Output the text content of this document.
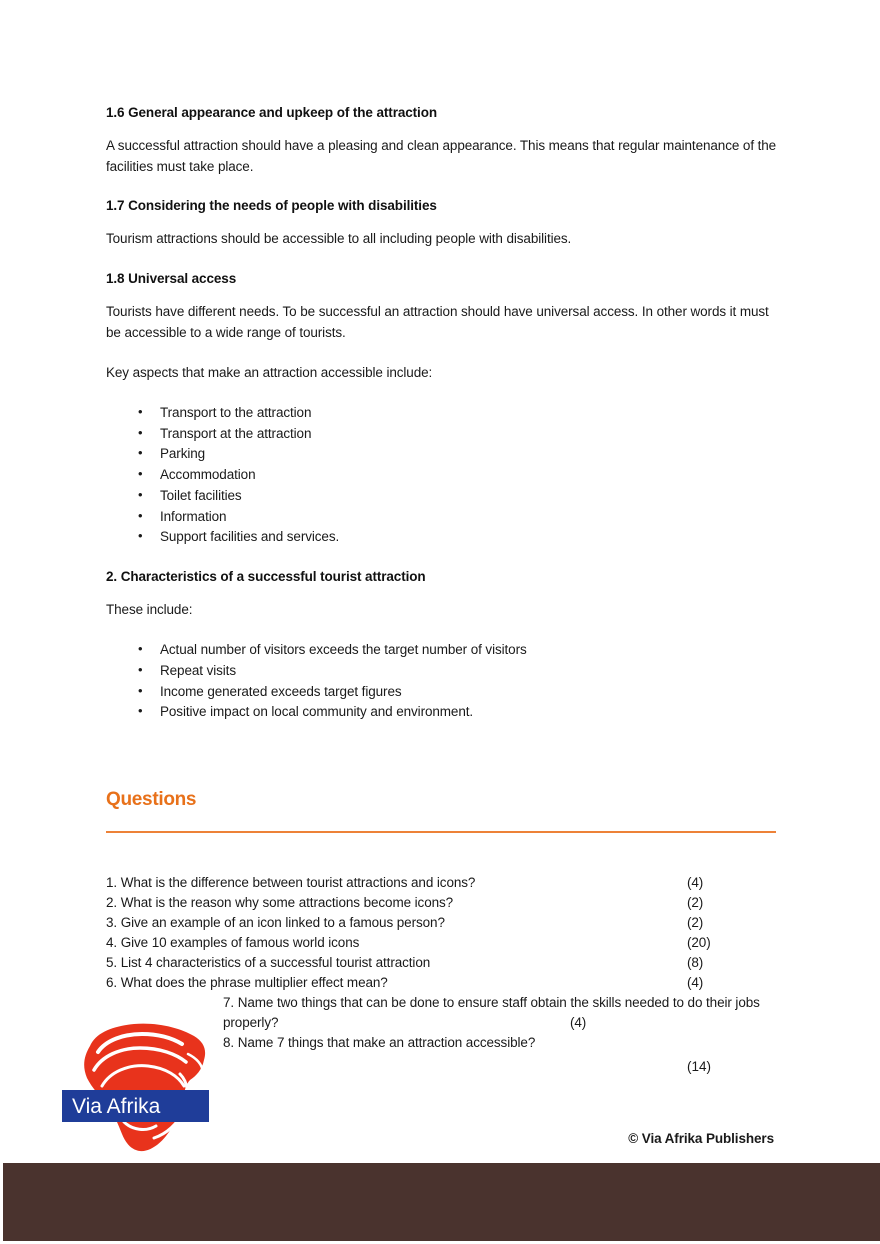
1.6 General appearance and upkeep of the attraction

A successful attraction should have a pleasing and clean appearance. This means that regular maintenance of the facilities must take place.

1.7 Considering the needs of people with disabilities

Tourism attractions should be accessible to all including people with disabilities.

1.8 Universal access

Tourists have different needs. To be successful an attraction should have universal access. In other words it must be accessible to a wide range of tourists.

Key aspects that make an attraction accessible include:

• Transport to the attraction
• Transport at the attraction
• Parking
• Accommodation
• Toilet facilities
• Information
• Support facilities and services.
2. Characteristics of a successful tourist attraction

These include:

• Actual number of visitors exceeds the target number of visitors
• Repeat visits
• Income generated exceeds target figures
• Positive impact on local community and environment.
Questions
1. What is the difference between tourist attractions and icons?	(4)
2. What is the reason why some attractions become icons?	(2)
3. Give an example of an icon linked to a famous person?	(2)
4. Give 10 examples of famous world icons	(20)
5. List 4 characteristics of a successful tourist attraction	(8)
6. What does the phrase multiplier effect mean?	(4)
7. Name two things that can be done to ensure staff obtain the skills needed to do their jobs properly?	(4)
8. Name 7 things that make an attraction accessible?
(14)
Via Afrika
© Via Afrika Publishers
